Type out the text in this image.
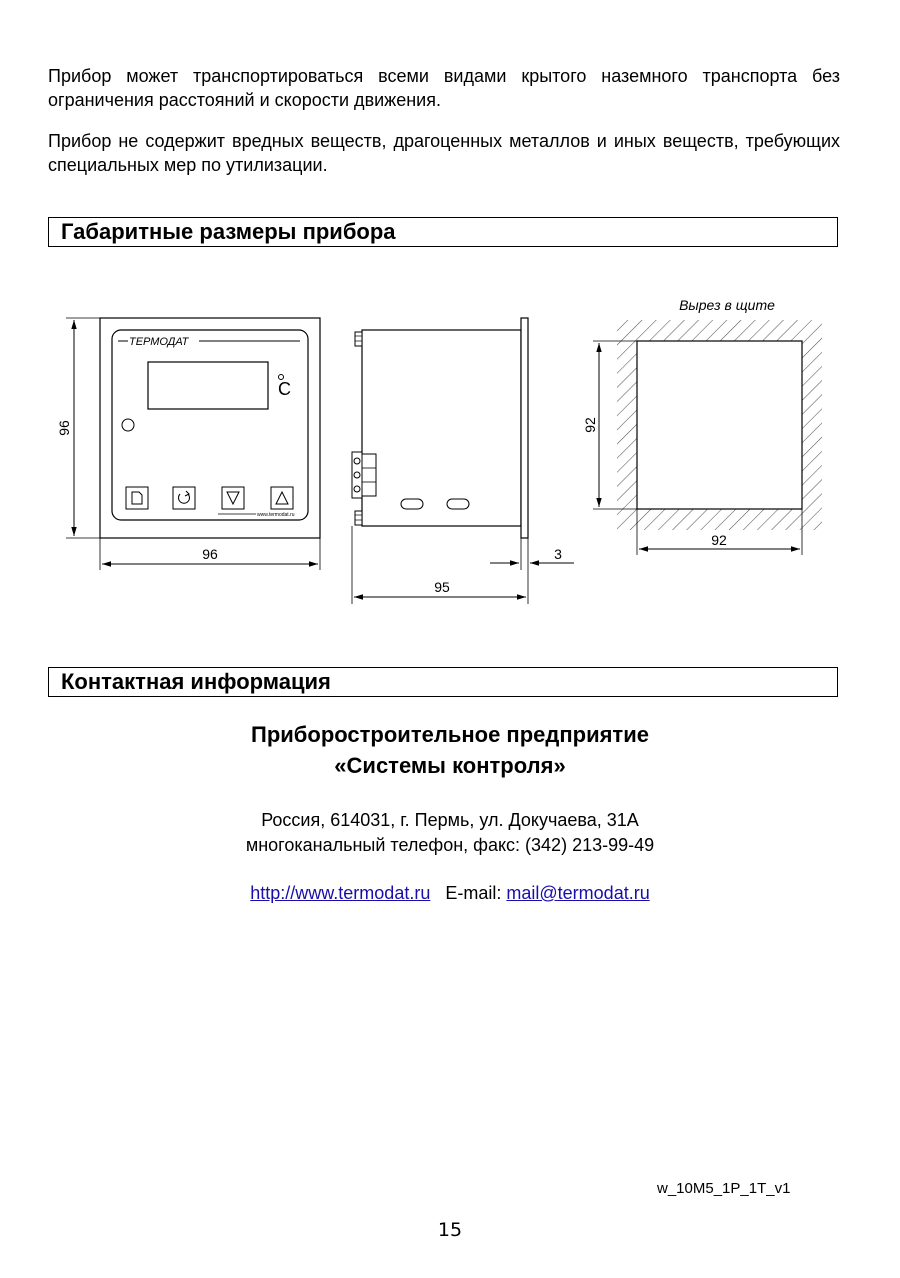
Прибор может транспортироваться всеми видами крытого наземного транспорта без ограничения расстояний и скорости движения.

Прибор не содержит вредных веществ, драгоценных металлов и иных веществ, требующих специальных мер по утилизации.

Габаритные размеры прибора
ТЕРМОДАТ
C
www.termodat.ru
96
96
95
3
Вырез в щите
92
92
Контактная информация

Приборостроительное предприятие

«Системы контроля»

Россия, 614031, г. Пермь, ул. Докучаева, 31А

многоканальный телефон, факс: (342) 213-99-49

http://www.termodat.ru E-mail: mail@termodat.ru

w_10M5_1P_1T_v1
15
